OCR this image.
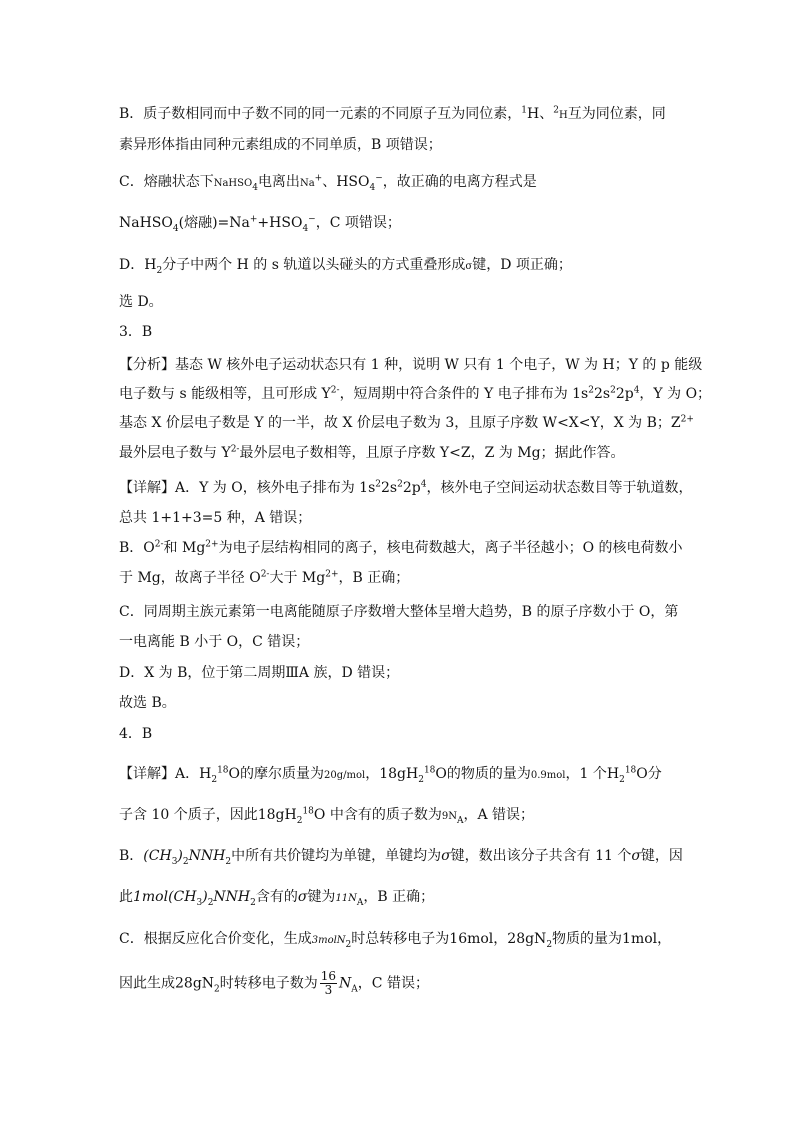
B．质子数相同而中子数不同的同一元素的不同原子互为同位素，$^1$H、$^2$H互为同位素，同
素异形体指由同种元素组成的不同单质，B 项错误；
C．熔融状态下NaHSO$_4$电离出Na+、$HSO_4^-$，故正确的电离方程式是
NaHSO$_4$(熔融)$=Na^++HSO_4^-$，C 项错误；
D．$H_2$分子中两个 H 的 s 轨道以头碰头的方式重叠形成σ键，D 项正确；
选 D。
3．B
【分析】基态 W 核外电子运动状态只有 1 种，说明 W 只有 1 个电子，W 为 H；Y 的 p 能级
电子数与 s 能级相等，且可形成 $Y^{2-}$，短周期中符合条件的 Y 电子排布为 $1s^22s^22p^4$，Y 为 O；
基态 X 价层电子数是 Y 的一半，故 X 价层电子数为 3，且原子序数 W<X<Y，X 为 B；$Z^{2+}$
最外层电子数与 $Y^{2-}$最外层电子数相等，且原子序数 Y<Z，Z 为 Mg；据此作答。
【详解】A．Y 为 O，核外电子排布为 $1s^22s^22p^4$，核外电子空间运动状态数目等于轨道数，
总共 1+1+3=5 种，A 错误；
B．$O^{2-}$和 $Mg^{2+}$为电子层结构相同的离子，核电荷数越大，离子半径越小；O 的核电荷数小
于 Mg，故离子半径 $O^{2-}$大于 $Mg^{2+}$，B 正确；
C．同周期主族元素第一电离能随原子序数增大整体呈增大趋势，B 的原子序数小于 O，第
一电离能 B 小于 O，C 错误；
D．X 为 B，位于第二周期ⅢA 族，D 错误；
故选 B。
4．B
【详解】A．$H_2^{18}O$的摩尔质量为20g/mol，$18gH_2^{18}O$的物质的量为0.9mol，1 个$H_2^{18}O$分
子含 10 个质子，因此$18gH_2^{18}O$ 中含有的质子数为$9N_A$，A 错误；
B．$(CH_3)_2NNH_2$中所有共价键均为单键，单键均为σ键，数出该分子共含有 11 个σ键，因
此$1mol(CH_3)_2NNH_2$含有的σ键为$11N_A$，B 正确；
C．根据反应化合价变化，生成3molN$_2$时总转移电子为16mol，$28gN_2$物质的量为1mol，
因此生成$28gN_2$时转移电子数为 $\frac{16}{3} N_A$，C 错误；
